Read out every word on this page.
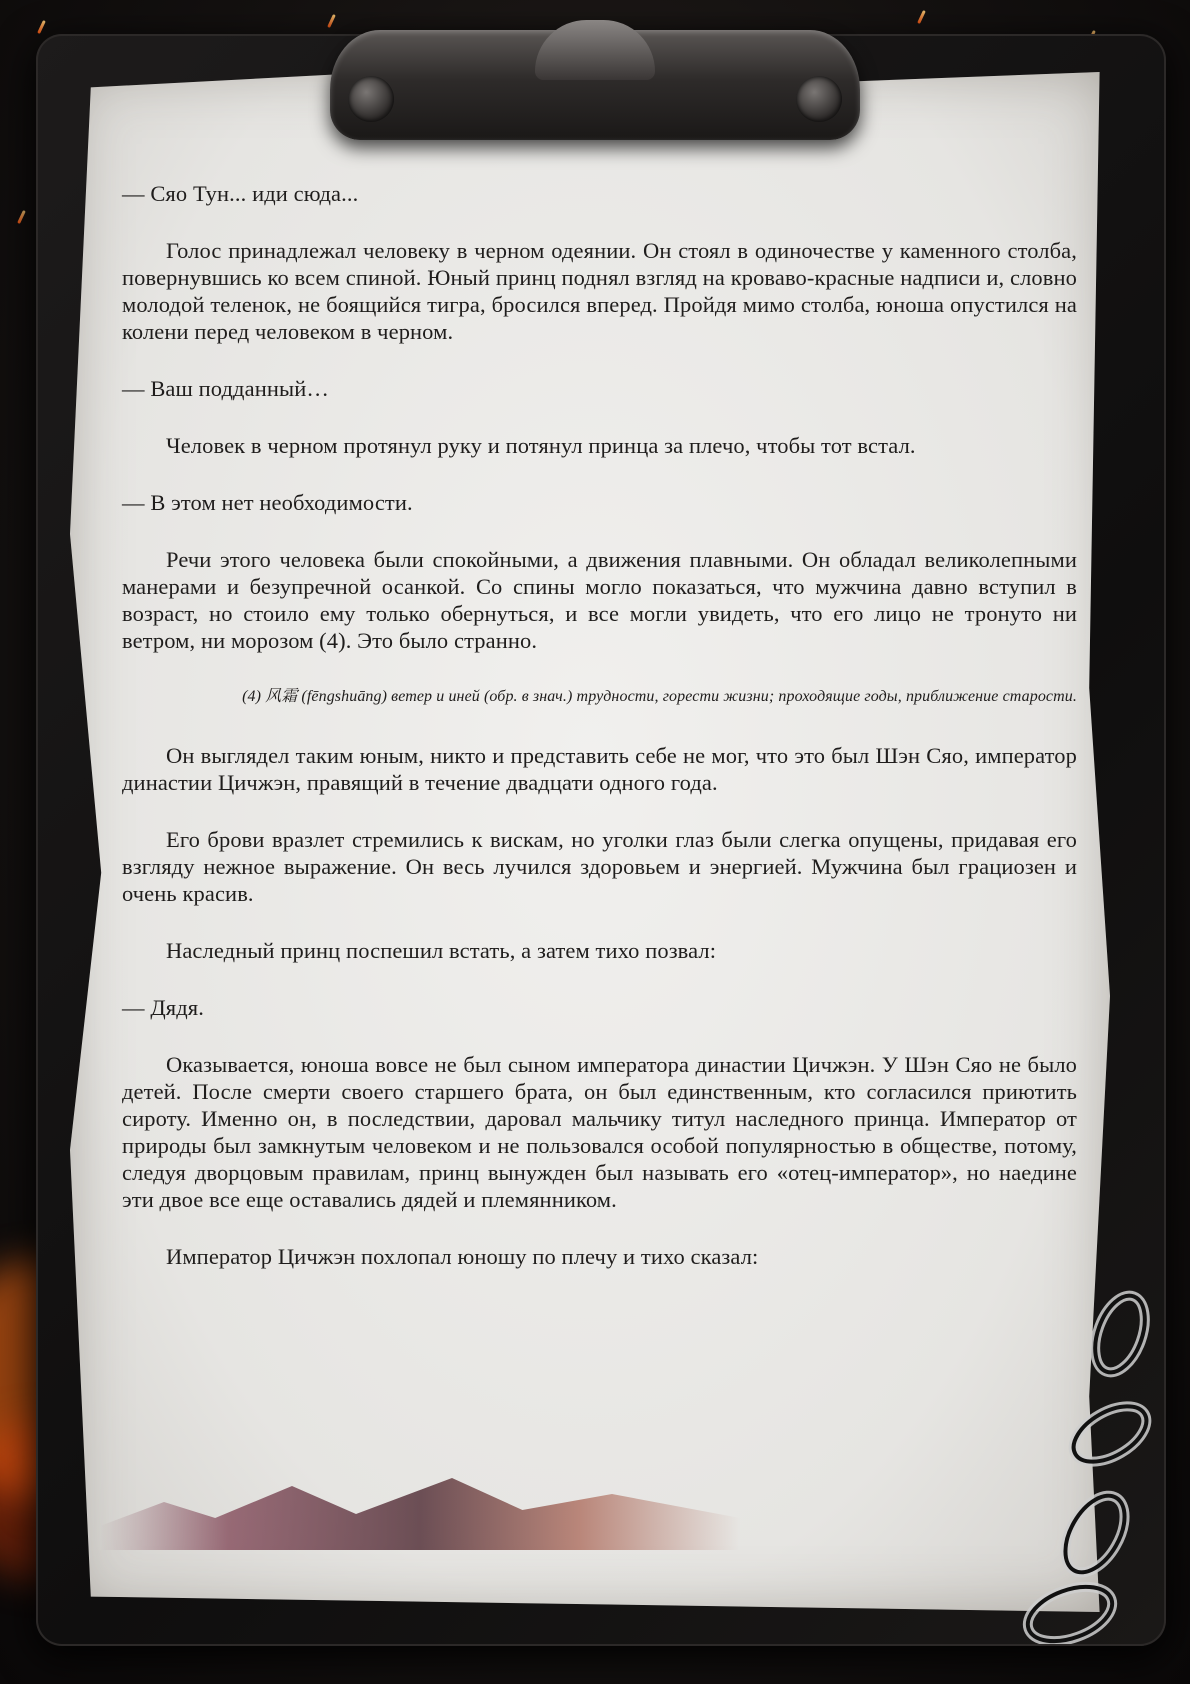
— Сяо Тун... иди сюда...

Голос принадлежал человеку в черном одеянии. Он стоял в одиночестве у каменного столба, повернувшись ко всем спиной. Юный принц поднял взгляд на кроваво-красные надписи и, словно молодой теленок, не боящийся тигра, бросился вперед. Пройдя мимо столба, юноша опустился на колени перед человеком в черном.

— Ваш подданный…

Человек в черном протянул руку и потянул принца за плечо, чтобы тот встал.

— В этом нет необходимости.

Речи этого человека были спокойными, а движения плавными. Он обладал великолепными манерами и безупречной осанкой. Со спины могло показаться, что мужчина давно вступил в возраст, но стоило ему только обернуться, и все могли увидеть, что его лицо не тронуто ни ветром, ни морозом (4). Это было странно.

(4) 风霜 (fēngshuāng) ветер и иней (обр. в знач.) трудности, горести жизни; проходящие годы, приближение старости.

Он выглядел таким юным, никто и представить себе не мог, что это был Шэн Сяо, император династии Цичжэн, правящий в течение двадцати одного года.

Его брови вразлет стремились к вискам, но уголки глаз были слегка опущены, придавая его взгляду нежное выражение. Он весь лучился здоровьем и энергией. Мужчина был грациозен и очень красив.

Наследный принц поспешил встать, а затем тихо позвал:

— Дядя.

Оказывается, юноша вовсе не был сыном императора династии Цичжэн. У Шэн Сяо не было детей. После смерти своего старшего брата, он был единственным, кто согласился приютить сироту. Именно он, в последствии, даровал мальчику титул наследного принца. Император от природы был замкнутым человеком и не пользовался особой популярностью в обществе, потому, следуя дворцовым правилам, принц вынужден был называть его «отец-император», но наедине эти двое все еще оставались дядей и племянником.

Император Цичжэн похлопал юношу по плечу и тихо сказал:
